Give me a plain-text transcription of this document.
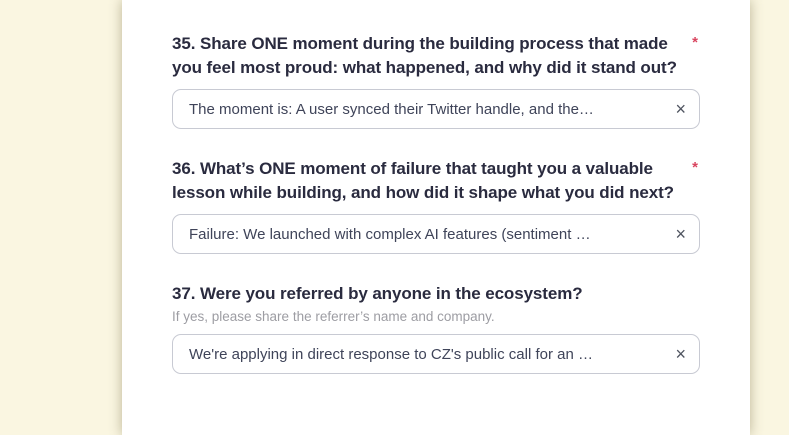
35. Share ONE moment during the building process that made you feel most proud: what happened, and why did it stand out?
*
The moment is: A user synced their Twitter handle, and the…	×
36. What’s ONE moment of failure that taught you a valuable lesson while building, and how did it shape what you did next?
*
Failure: We launched with complex AI features (sentiment …	×
37. Were you referred by anyone in the ecosystem?
If yes, please share the referrer’s name and company.
We're applying in direct response to CZ's public call for an …	×
